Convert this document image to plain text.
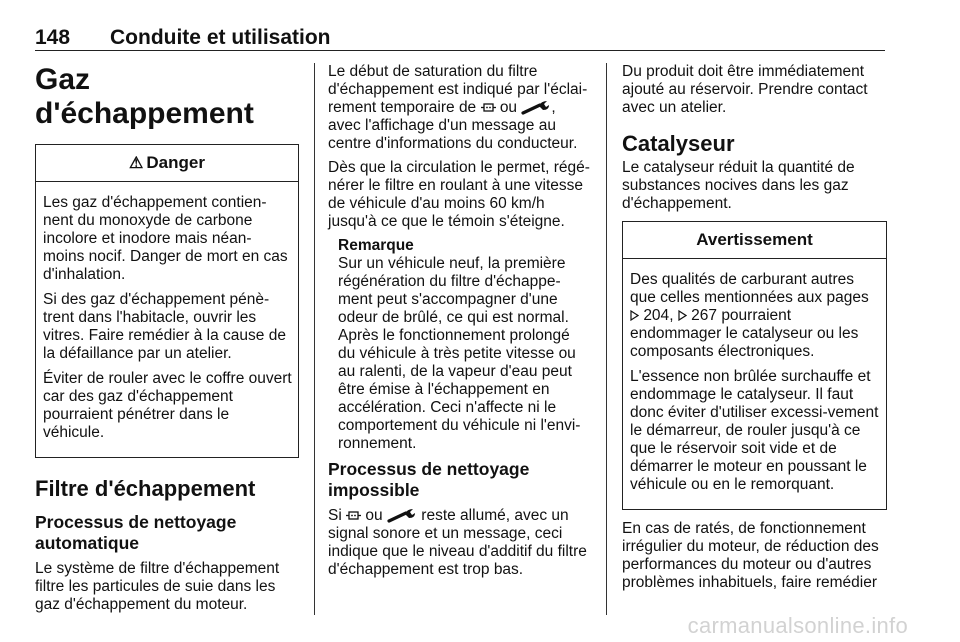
148 Conduite et utilisation
Gaz d'échappement
⚠ Danger

Les gaz d'échappement contien-nent du monoxyde de carbone incolore et inodore mais néan-moins nocif. Danger de mort en cas d'inhalation.

Si des gaz d'échappement pénè-trent dans l'habitacle, ouvrir les vitres. Faire remédier à la cause de la défaillance par un atelier.

Éviter de rouler avec le coffre ouvert car des gaz d'échappement pourraient pénétrer dans le véhicule.

Filtre d'échappement
Processus de nettoyage automatique

Le système de filtre d'échappement filtre les particules de suie dans les gaz d'échappement du moteur.

Le début de saturation du filtre d'échappement est indiqué par l'éclai-rement temporaire de ou , avec l'affichage d'un message au centre d'informations du conducteur.

Dès que la circulation le permet, régé-nérer le filtre en roulant à une vitesse de véhicule d'au moins 60 km/h jusqu'à ce que le témoin s'éteigne.

Remarque

Sur un véhicule neuf, la première régénération du filtre d'échappe-ment peut s'accompagner d'une odeur de brûlé, ce qui est normal. Après le fonctionnement prolongé du véhicule à très petite vitesse ou au ralenti, de la vapeur d'eau peut être émise à l'échappement en accélération. Ceci n'affecte ni le comportement du véhicule ni l'envi-ronnement.

Processus de nettoyage impossible

Si ou reste allumé, avec un signal sonore et un message, ceci indique que le niveau d'additif du filtre d'échappement est trop bas.

Du produit doit être immédiatement ajouté au réservoir. Prendre contact avec un atelier.

Catalyseur

Le catalyseur réduit la quantité de substances nocives dans les gaz d'échappement.

Avertissement

Des qualités de carburant autres que celles mentionnées aux pages  204, 267 pourraient endommager le catalyseur ou les composants électroniques.

L'essence non brûlée surchauffe et endommage le catalyseur. Il faut donc éviter d'utiliser excessi-vement le démarreur, de rouler jusqu'à ce que le réservoir soit vide et de démarrer le moteur en poussant le véhicule ou en le remorquant.

En cas de ratés, de fonctionnement irrégulier du moteur, de réduction des performances du moteur ou d'autres problèmes inhabituels, faire remédier

carmanualsonline.info
